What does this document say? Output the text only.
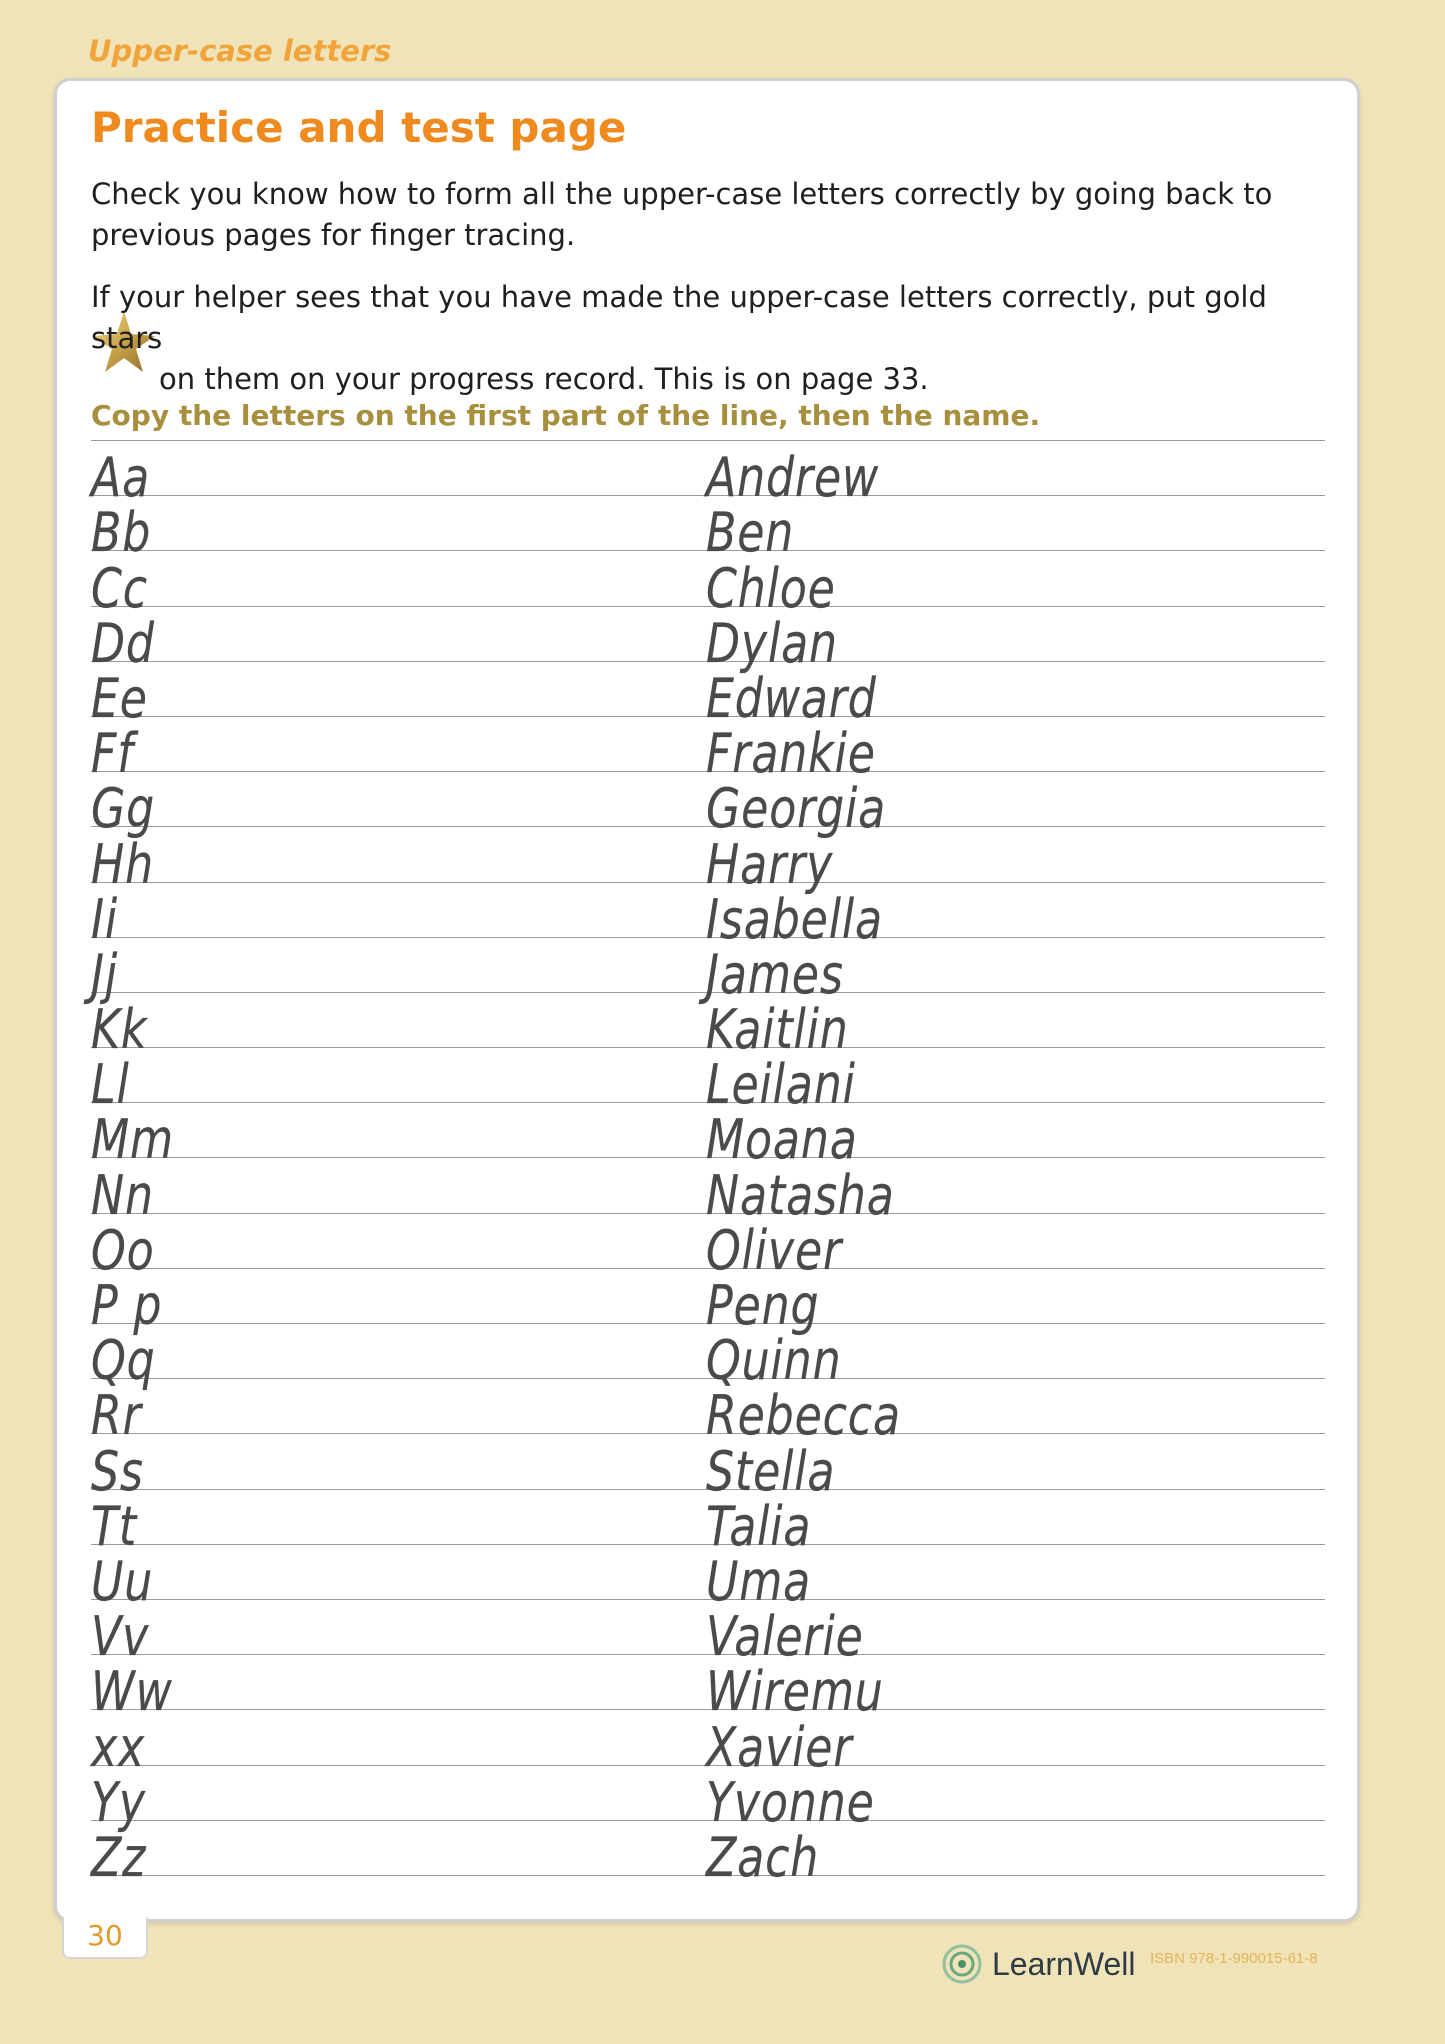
Upper-case letters
Practice and test page
Check you know how to form all the upper-case letters correctly by going back to previous pages for finger tracing.
If your helper sees that you have made the upper-case letters correctly, put gold stars
on them on your progress record. This is on page 33.
Copy the letters on the first part of the line, then the name.
Aa	Andrew
Bb	Ben
Cc	Chloe
Dd	Dylan
Ee	Edward
Ff	Frankie
Gg	Georgia
Hh	Harry
Ii	Isabella
Jj	James
Kk	Kaitlin
Ll	Leilani
Mm	Moana
Nn	Natasha
Oo	Oliver
P p	Peng
Qq	Quinn
Rr	Rebecca
Ss	Stella
Tt	Talia
Uu	Uma
Vv	Valerie
Ww	Wiremu
xx	Xavier
Yy	Yvonne
Zz	Zach
30
LearnWell ISBN 978-1-990015-61-8
